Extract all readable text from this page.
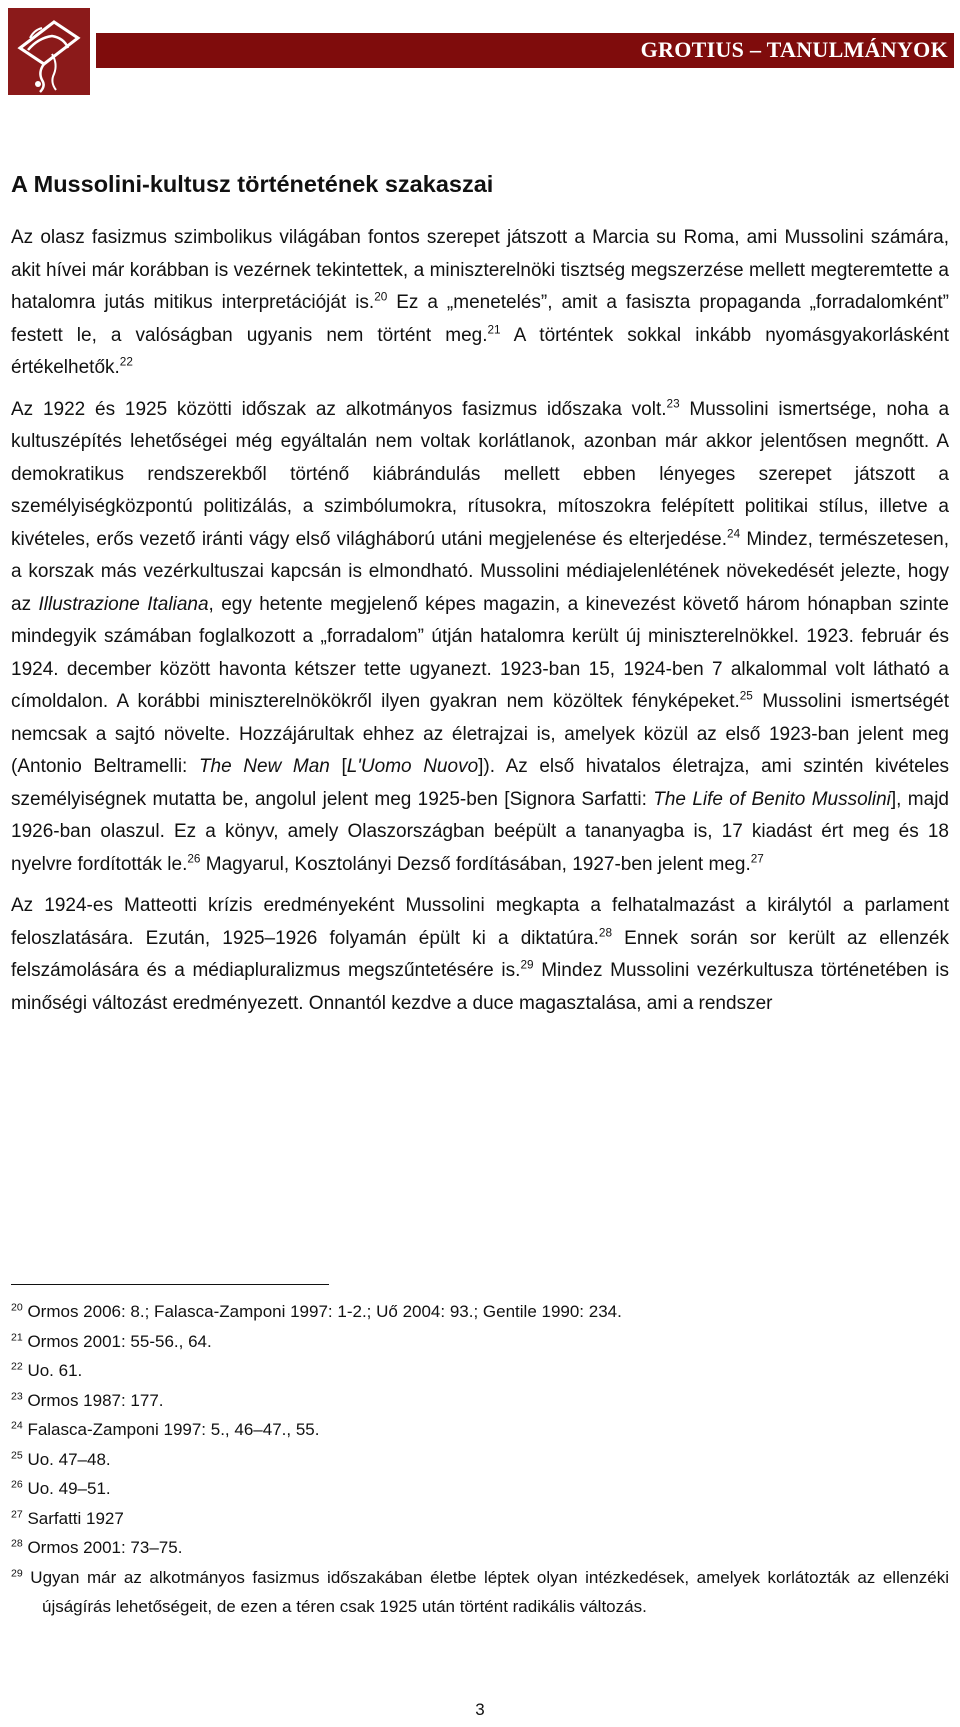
GROTIUS – TANULMÁNYOK
A Mussolini-kultusz történetének szakaszai

Az olasz fasizmus szimbolikus világában fontos szerepet játszott a Marcia su Roma, ami Mussolini számára, akit hívei már korábban is vezérnek tekintettek, a miniszterelnöki tisztség megszerzése mellett megteremtette a hatalomra jutás mitikus interpretációját is.$^{20}$ Ez a „menetelés”, amit a fasiszta propaganda „forradalomként” festett le, a valóságban ugyanis nem történt meg.$^{21}$ A történtek sokkal inkább nyomásgyakorlásként értékelhetők.$^{22}$

Az 1922 és 1925 közötti időszak az alkotmányos fasizmus időszaka volt.$^{23}$ Mussolini ismertsége, noha a kultuszépítés lehetőségei még egyáltalán nem voltak korlátlanok, azonban már akkor jelentősen megnőtt. A demokratikus rendszerekből történő kiábrándulás mellett ebben lényeges szerepet játszott a személyiségközpontú politizálás, a szimbólumokra, rítusokra, mítoszokra felépített politikai stílus, illetve a kivételes, erős vezető iránti vágy első világháború utáni megjelenése és elterjedése.$^{24}$ Mindez, természetesen, a korszak más vezérkultuszai kapcsán is elmondható. Mussolini médiajelenlétének növekedését jelezte, hogy az Illustrazione Italiana, egy hetente megjelenő képes magazin, a kinevezést követő három hónapban szinte mindegyik számában foglalkozott a „forradalom” útján hatalomra került új miniszterelnökkel. 1923. február és 1924. december között havonta kétszer tette ugyanezt. 1923-ban 15, 1924-ben 7 alkalommal volt látható a címoldalon. A korábbi miniszterelnökökről ilyen gyakran nem közöltek fényképeket.$^{25}$ Mussolini ismertségét nemcsak a sajtó növelte. Hozzájárultak ehhez az életrajzai is, amelyek közül az első 1923-ban jelent meg (Antonio Beltramelli: The New Man [L'Uomo Nuovo]). Az első hivatalos életrajza, ami szintén kivételes személyiségnek mutatta be, angolul jelent meg 1925-ben [Signora Sarfatti: The Life of Benito Mussolini], majd 1926-ban olaszul. Ez a könyv, amely Olaszországban beépült a tananyagba is, 17 kiadást ért meg és 18 nyelvre fordították le.$^{26}$ Magyarul, Kosztolányi Dezső fordításában, 1927-ben jelent meg.$^{27}$

Az 1924-es Matteotti krízis eredményeként Mussolini megkapta a felhatalmazást a királytól a parlament feloszlatására. Ezután, 1925–1926 folyamán épült ki a diktatúra.$^{28}$ Ennek során sor került az ellenzék felszámolására és a médiapluralizmus megszűntetésére is.$^{29}$ Mindez Mussolini vezérkultusza történetében is minőségi változást eredményezett. Onnantól kezdve a duce magasztalása, ami a rendszer

$^{20}$ Ormos 2006: 8.; Falasca-Zamponi 1997: 1-2.; Uő 2004: 93.; Gentile 1990: 234.
$^{21}$ Ormos 2001: 55-56., 64.
$^{22}$ Uo. 61.
$^{23}$ Ormos 1987: 177.
$^{24}$ Falasca-Zamponi 1997: 5., 46–47., 55.
$^{25}$ Uo. 47–48.
$^{26}$ Uo. 49–51.
$^{27}$ Sarfatti 1927
$^{28}$ Ormos 2001: 73–75.
$^{29}$ Ugyan már az alkotmányos fasizmus időszakában életbe léptek olyan intézkedések, amelyek korlátozták az ellenzéki újságírás lehetőségeit, de ezen a téren csak 1925 után történt radikális változás.
3
